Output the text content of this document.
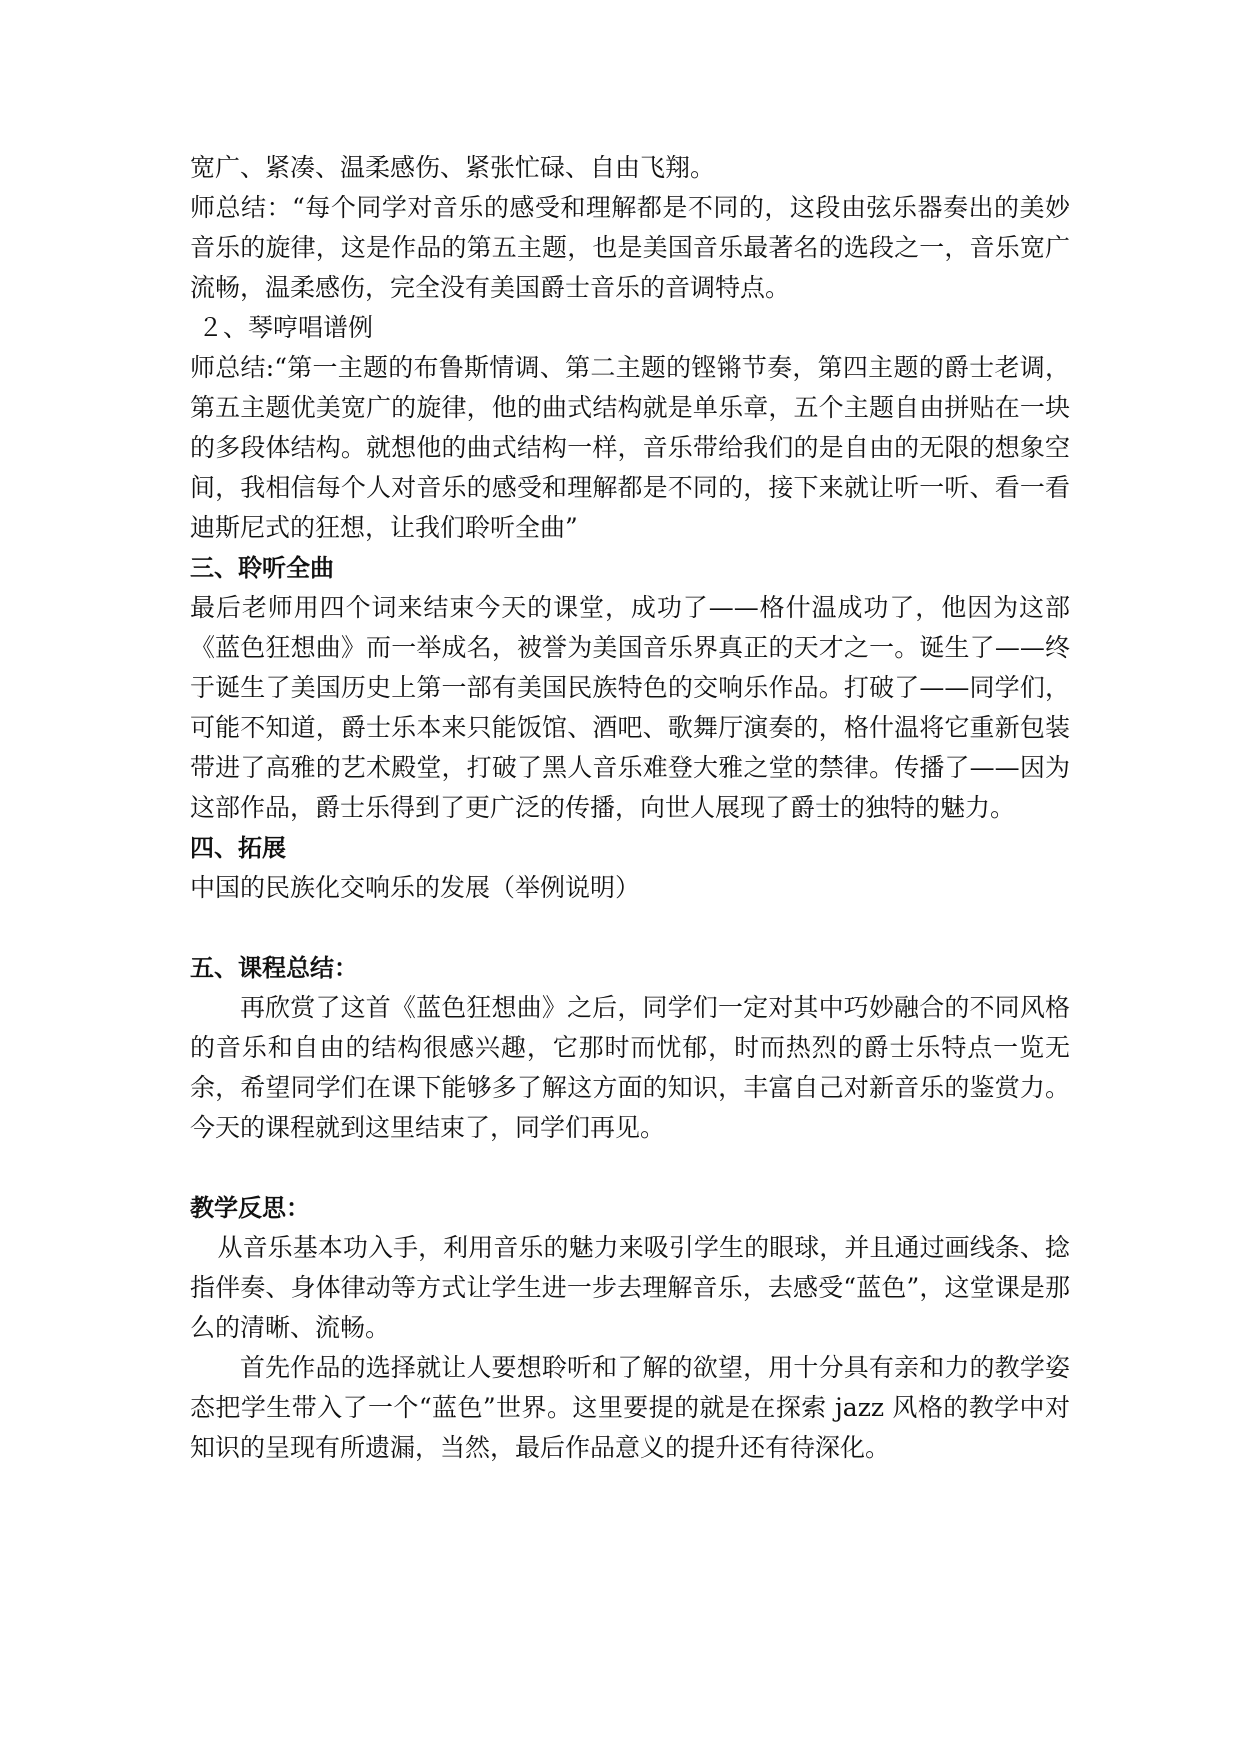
宽广、紧凑、温柔感伤、紧张忙碌、自由飞翔。

师总结：“每个同学对音乐的感受和理解都是不同的，这段由弦乐器奏出的美妙音乐的旋律，这是作品的第五主题，也是美国音乐最著名的选段之一，音乐宽广流畅，温柔感伤，完全没有美国爵士音乐的音调特点。

２、琴哼唱谱例

师总结:“第一主题的布鲁斯情调、第二主题的铿锵节奏，第四主题的爵士老调，第五主题优美宽广的旋律，他的曲式结构就是单乐章，五个主题自由拼贴在一块的多段体结构。就想他的曲式结构一样，音乐带给我们的是自由的无限的想象空间，我相信每个人对音乐的感受和理解都是不同的，接下来就让听一听、看一看迪斯尼式的狂想，让我们聆听全曲”

三、聆听全曲

最后老师用四个词来结束今天的课堂，成功了——格什温成功了，他因为这部《蓝色狂想曲》而一举成名，被誉为美国音乐界真正的天才之一。诞生了——终于诞生了美国历史上第一部有美国民族特色的交响乐作品。打破了——同学们，可能不知道，爵士乐本来只能饭馆、酒吧、歌舞厅演奏的，格什温将它重新包装带进了高雅的艺术殿堂，打破了黑人音乐难登大雅之堂的禁律。传播了——因为这部作品，爵士乐得到了更广泛的传播，向世人展现了爵士的独特的魅力。

四、拓展

中国的民族化交响乐的发展（举例说明）

五、课程总结：

再欣赏了这首《蓝色狂想曲》之后，同学们一定对其中巧妙融合的不同风格的音乐和自由的结构很感兴趣，它那时而忧郁，时而热烈的爵士乐特点一览无余，希望同学们在课下能够多了解这方面的知识，丰富自己对新音乐的鉴赏力。  今天的课程就到这里结束了，同学们再见。

教学反思：

从音乐基本功入手，利用音乐的魅力来吸引学生的眼球，并且通过画线条、捻指伴奏、身体律动等方式让学生进一步去理解音乐，去感受“蓝色”，这堂课是那么的清晰、流畅。

首先作品的选择就让人要想聆听和了解的欲望，用十分具有亲和力的教学姿态把学生带入了一个“蓝色”世界。这里要提的就是在探索 jazz 风格的教学中对知识的呈现有所遗漏，当然，最后作品意义的提升还有待深化。
